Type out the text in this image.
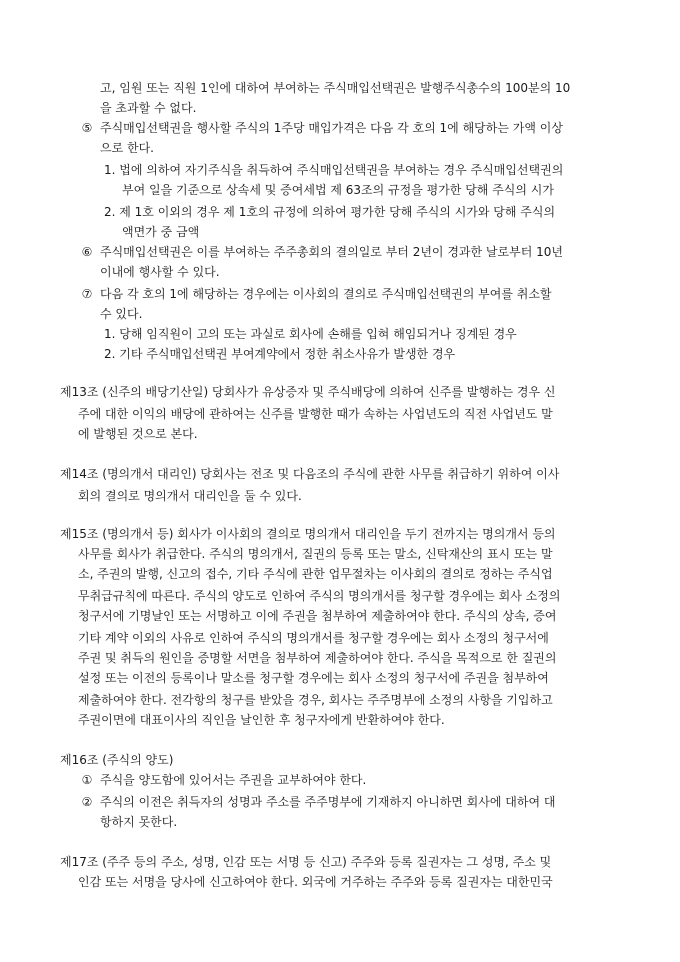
고, 임원 또는 직원 1인에 대하여 부여하는 주식매입선택권은 발행주식총수의 100분의 10
을 초과할 수 없다.
⑤ 주식매입선택권을 행사할 주식의 1주당 매입가격은 다음 각 호의 1에 해당하는 가액 이상
으로 한다.
1. 법에 의하여 자기주식을 취득하여 주식매입선택권을 부여하는 경우 주식매입선택권의
부여 일을 기준으로 상속세 및 증여세법 제 63조의 규정을 평가한 당해 주식의 시가
2. 제 1호 이외의 경우 제 1호의 규정에 의하여 평가한 당해 주식의 시가와 당해 주식의
액면가 중 금액
⑥ 주식매입선택권은 이를 부여하는 주주총회의 결의일로 부터 2년이 경과한 날로부터 10년
이내에 행사할 수 있다.
⑦ 다음 각 호의 1에 해당하는 경우에는 이사회의 결의로 주식매입선택권의 부여를 취소할
수 있다.
1. 당해 임직원이 고의 또는 과실로 회사에 손해를 입혀 해임되거나 징계된 경우
2. 기타 주식매입선택권 부여계약에서 정한 취소사유가 발생한 경우
제13조 (신주의 배당기산일) 당회사가 유상증자 및 주식배당에 의하여 신주를 발행하는 경우 신
주에 대한 이익의 배당에 관하여는 신주를 발행한 때가 속하는 사업년도의 직전 사업년도 말
에 발행된 것으로 본다.
제14조 (명의개서 대리인) 당회사는 전조 및 다음조의 주식에 관한 사무를 취급하기 위하여 이사
회의 결의로 명의개서 대리인을 둘 수 있다.
제15조 (명의개서 등) 회사가 이사회의 결의로 명의개서 대리인을 두기 전까지는 명의개서 등의
사무를 회사가 취급한다. 주식의 명의개서, 질권의 등록 또는 말소, 신탁재산의 표시 또는 말
소, 주권의 발행, 신고의 접수, 기타 주식에 관한 업무절차는 이사회의 결의로 정하는 주식업
무취급규칙에 따른다. 주식의 양도로 인하여 주식의 명의개서를 청구할 경우에는 회사 소정의
청구서에 기명날인 또는 서명하고 이에 주권을 첨부하여 제출하여야 한다. 주식의 상속, 증여
기타 계약 이외의 사유로 인하여 주식의 명의개서를 청구할 경우에는 회사 소정의 청구서에
주권 및 취득의 원인을 증명할 서면을 첨부하여 제출하여야 한다. 주식을 목적으로 한 질권의
설정 또는 이전의 등록이나 말소를 청구할 경우에는 회사 소정의 청구서에 주권을 첨부하여
제출하여야 한다. 전각항의 청구를 받았을 경우, 회사는 주주명부에 소정의 사항을 기입하고
주권이면에 대표이사의 직인을 날인한 후 청구자에게 반환하여야 한다.
제16조 (주식의 양도)
① 주식을 양도함에 있어서는 주권을 교부하여야 한다.
② 주식의 이전은 취득자의 성명과 주소를 주주명부에 기재하지 아니하면 회사에 대하여 대
항하지 못한다.
제17조 (주주 등의 주소, 성명, 인감 또는 서명 등 신고) 주주와 등록 질권자는 그 성명, 주소 및
인감 또는 서명을 당사에 신고하여야 한다. 외국에 거주하는 주주와 등록 질권자는 대한민국
